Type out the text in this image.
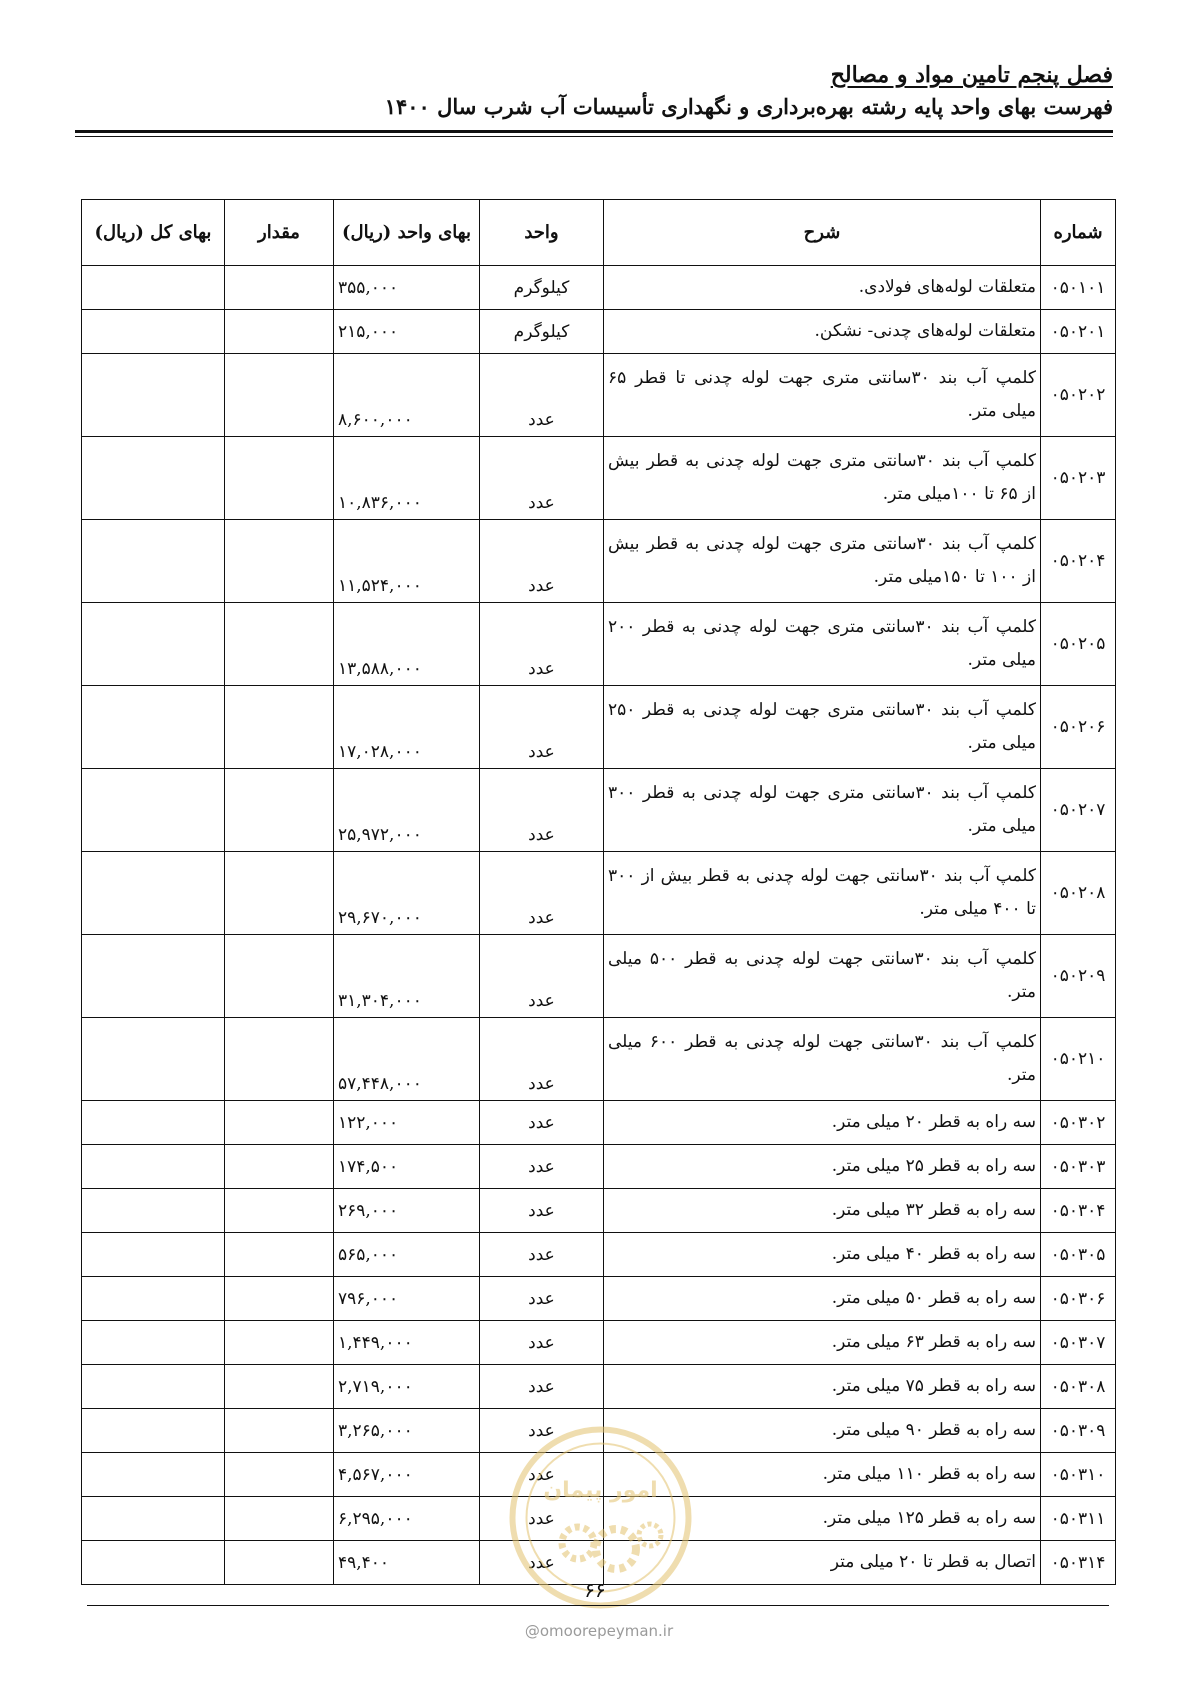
فصل پنجم تامین مواد و مصالح

فهرست بهای واحد پایه رشته بهره‌برداری و نگهداری تأسیسات آب شرب سال ۱۴۰۰

شماره	شرح	واحد	بهای واحد (ریال)	مقدار	بهای کل (ریال)
۰۵۰۱۰۱	متعلقات لوله‌های فولادی.	کیلوگرم	۳۵۵,۰۰۰		
۰۵۰۲۰۱	متعلقات لوله‌های چدنی- نشکن.	کیلوگرم	۲۱۵,۰۰۰		
۰۵۰۲۰۲	کلمپ آب بند ۳۰سانتی متری جهت لوله چدنی تا قطر ۶۵ میلی متر.	عدد	۸,۶۰۰,۰۰۰		
۰۵۰۲۰۳	کلمپ آب بند ۳۰سانتی متری جهت لوله چدنی به قطر بیش از ۶۵ تا ۱۰۰میلی متر.	عدد	۱۰,۸۳۶,۰۰۰		
۰۵۰۲۰۴	کلمپ آب بند ۳۰سانتی متری جهت لوله چدنی به قطر بیش از ۱۰۰ تا ۱۵۰میلی متر.	عدد	۱۱,۵۲۴,۰۰۰		
۰۵۰۲۰۵	کلمپ آب بند ۳۰سانتی متری جهت لوله چدنی به قطر ۲۰۰ میلی متر.	عدد	۱۳,۵۸۸,۰۰۰		
۰۵۰۲۰۶	کلمپ آب بند ۳۰سانتی متری جهت لوله چدنی به قطر ۲۵۰ میلی متر.	عدد	۱۷,۰۲۸,۰۰۰		
۰۵۰۲۰۷	کلمپ آب بند ۳۰سانتی متری جهت لوله چدنی به قطر ۳۰۰ میلی متر.	عدد	۲۵,۹۷۲,۰۰۰		
۰۵۰۲۰۸	کلمپ آب بند ۳۰سانتی جهت لوله چدنی به قطر بیش از ۳۰۰ تا ۴۰۰ میلی متر.	عدد	۲۹,۶۷۰,۰۰۰		
۰۵۰۲۰۹	کلمپ آب بند ۳۰سانتی جهت لوله چدنی به قطر ۵۰۰ میلی متر.	عدد	۳۱,۳۰۴,۰۰۰		
۰۵۰۲۱۰	کلمپ آب بند ۳۰سانتی جهت لوله چدنی به قطر ۶۰۰ میلی متر.	عدد	۵۷,۴۴۸,۰۰۰		
۰۵۰۳۰۲	سه راه به قطر ۲۰ میلی متر.	عدد	۱۲۲,۰۰۰		
۰۵۰۳۰۳	سه راه به قطر ۲۵ میلی متر.	عدد	۱۷۴,۵۰۰		
۰۵۰۳۰۴	سه راه به قطر ۳۲ میلی متر.	عدد	۲۶۹,۰۰۰		
۰۵۰۳۰۵	سه راه به قطر ۴۰ میلی متر.	عدد	۵۶۵,۰۰۰		
۰۵۰۳۰۶	سه راه به قطر ۵۰ میلی متر.	عدد	۷۹۶,۰۰۰		
۰۵۰۳۰۷	سه راه به قطر ۶۳ میلی متر.	عدد	۱,۴۴۹,۰۰۰		
۰۵۰۳۰۸	سه راه به قطر ۷۵ میلی متر.	عدد	۲,۷۱۹,۰۰۰		
۰۵۰۳۰۹	سه راه به قطر ۹۰ میلی متر.	عدد	۳,۲۶۵,۰۰۰		
۰۵۰۳۱۰	سه راه به قطر ۱۱۰ میلی متر.	عدد	۴,۵۶۷,۰۰۰		
۰۵۰۳۱۱	سه راه به قطر ۱۲۵ میلی متر.	عدد	۶,۲۹۵,۰۰۰		
۰۵۰۳۱۴	اتصال به قطر تا ۲۰ میلی متر	عدد	۴۹,۴۰۰		
امور پیمان
۶۶
@omoorepeyman.ir
